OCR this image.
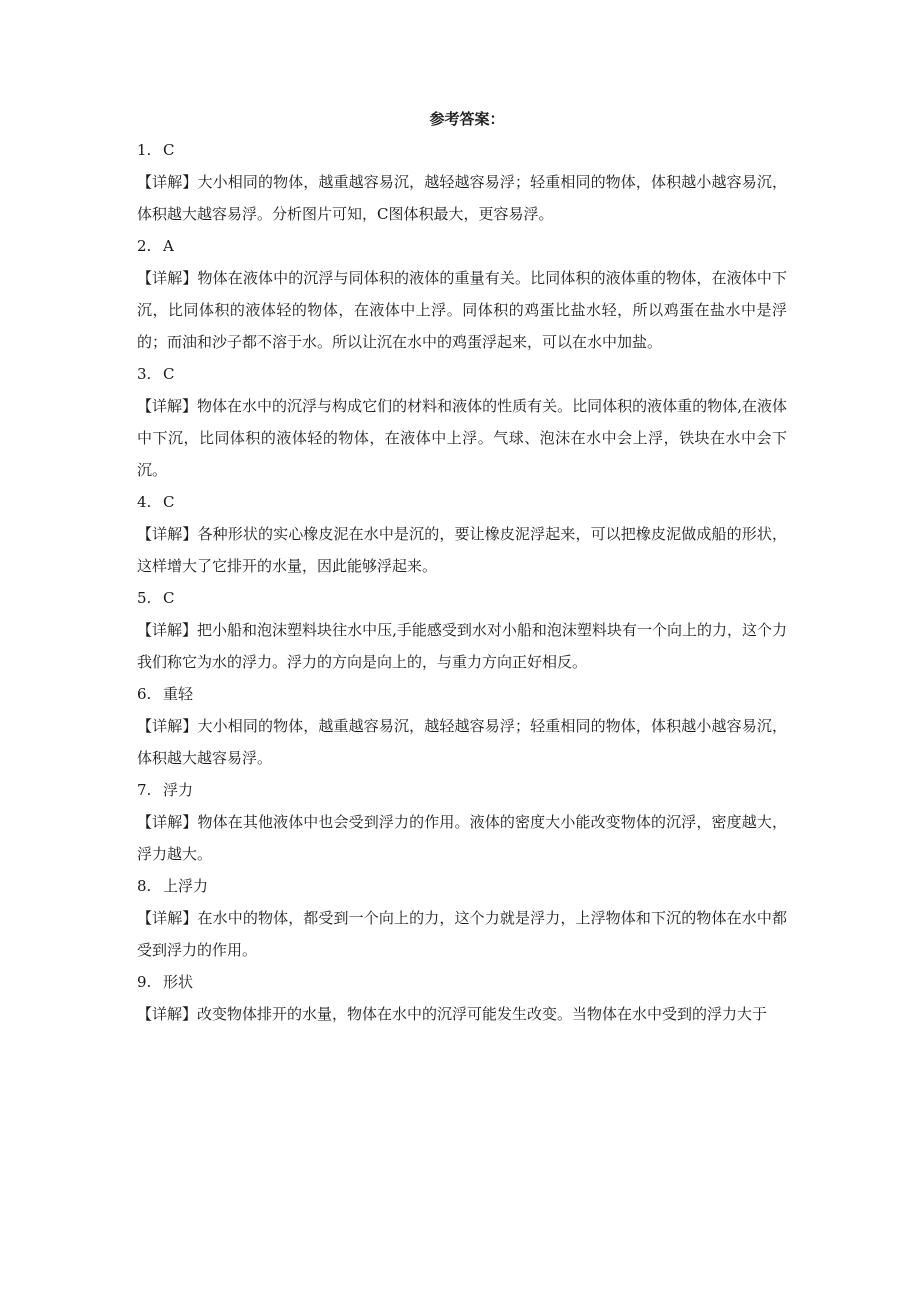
参考答案：

1. C

【详解】大小相同的物体，越重越容易沉，越轻越容易浮；轻重相同的物体，体积越小越容易沉，体积越大越容易浮。分析图片可知，C图体积最大，更容易浮。

2. A

【详解】物体在液体中的沉浮与同体积的液体的重量有关。比同体积的液体重的物体，在液体中下沉，比同体积的液体轻的物体，在液体中上浮。同体积的鸡蛋比盐水轻，所以鸡蛋在盐水中是浮的；而油和沙子都不溶于水。所以让沉在水中的鸡蛋浮起来，可以在水中加盐。

3. C

【详解】物体在水中的沉浮与构成它们的材料和液体的性质有关。比同体积的液体重的物体,在液体中下沉，比同体积的液体轻的物体，在液体中上浮。气球、泡沫在水中会上浮，铁块在水中会下沉。

4. C

【详解】各种形状的实心橡皮泥在水中是沉的，要让橡皮泥浮起来，可以把橡皮泥做成船的形状，这样增大了它排开的水量，因此能够浮起来。

5. C

【详解】把小船和泡沫塑料块往水中压,手能感受到水对小船和泡沫塑料块有一个向上的力，这个力我们称它为水的浮力。浮力的方向是向上的，与重力方向正好相反。

6. 重轻

【详解】大小相同的物体，越重越容易沉，越轻越容易浮；轻重相同的物体，体积越小越容易沉，体积越大越容易浮。

7. 浮力

【详解】物体在其他液体中也会受到浮力的作用。液体的密度大小能改变物体的沉浮，密度越大，浮力越大。

8. 上浮力

【详解】在水中的物体，都受到一个向上的力，这个力就是浮力，上浮物体和下沉的物体在水中都受到浮力的作用。

9. 形状

【详解】改变物体排开的水量，物体在水中的沉浮可能发生改变。当物体在水中受到的浮力大于
